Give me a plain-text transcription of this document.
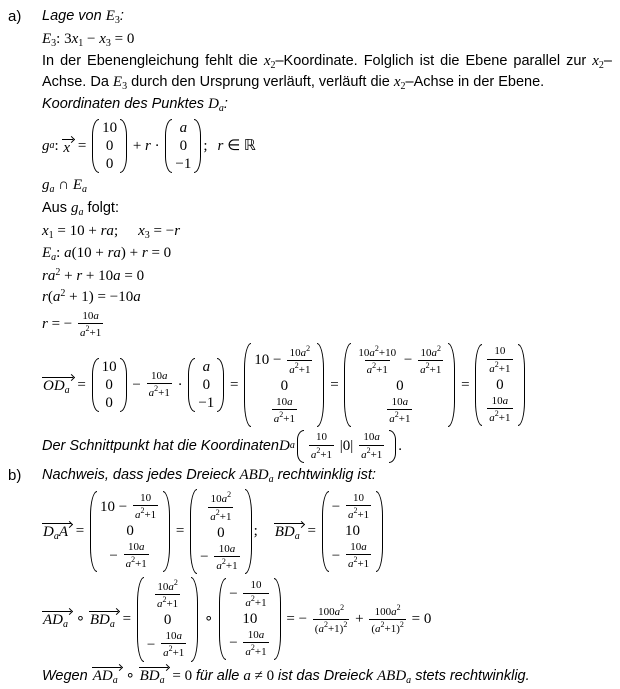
a)	Lage von $E_3$:
$E_3$: $3x_1 - x_3 = 0$
In der Ebenengleichung fehlt die $x_2$–Koordinate. Folglich ist die Ebene parallel zur $x_2$–Achse. Da $E_3$ durch den Ursprung verläuft, verläuft die $x_2$–Achse in der Ebene.
Koordinaten des Punktes $D_a$:
g a : x =
10
0
0
+ r ·
a
0
−1
; r ∈ ℝ
$g_a$ ∩ $E_a$
Aus $g_a$ folgt:
$x_1 = 10$ + ra; $x_3 = -r$
$E_a$: a(10 + ra) + r = 0
$ra^2 + r + 10a = 0$
$r(a^2 + 1) = -10a$
r = − $\frac{10a}{a^2+1}$
$OD_a$ =
10
0
0
− $\frac{10a}{a^2+1}$ ·
a
0
−1
=
$10 - \frac{10a^2}{a^2+1}$
0
$\frac{10a}{a^2+1}$
=
$\frac{10a^2+10}{a^2+1} - \frac{10a^2}{a^2+1}$
0
$\frac{10a}{a^2+1}$
=
$\frac{10}{a^2+1}$
0
$\frac{10a}{a^2+1}$
Der Schnittpunkt hat die Koordinaten D a $\frac{10}{a^2+1} |0| \frac{10a}{a^2+1}$ .
b)	Nachweis, dass jedes Dreieck $ABD_a$ rechtwinklig ist:
$D_aA$ =
$10 - \frac{10}{a^2+1}$
0
− $\frac{10a}{a^2+1}$
=
$\frac{10a^2}{a^2+1}$
0
− $\frac{10a}{a^2+1}$
; $BD_a$ =
− $\frac{10}{a^2+1}$
10
− $\frac{10a}{a^2+1}$
$AD_a$ ∘ $BD_a$ =
$\frac{10a^2}{a^2+1}$
0
− $\frac{10a}{a^2+1}$
∘
− $\frac{10}{a^2+1}$
10
− $\frac{10a}{a^2+1}$
= − $\frac{100a^2}{(a^2+1)^2} + \frac{100a^2}{(a^2+1)^2} = 0$
Wegen $AD_a$ ∘ $BD_a = 0$ für alle a ≠ 0 ist das Dreieck $ABD_a$ stets rechtwinklig.
